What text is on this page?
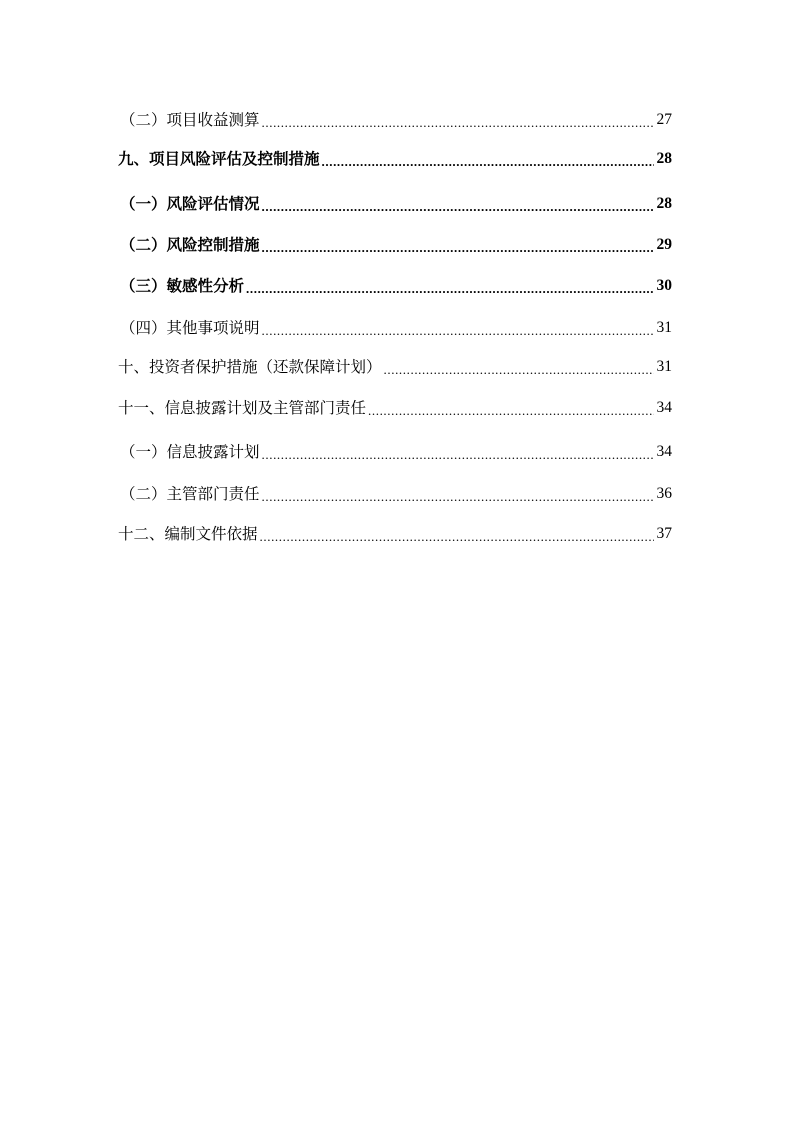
（二）项目收益测算 .....	27
九、项目风险评估及控制措施 .....	28
（一）风险评估情况 .....	28
（二）风险控制措施 .....	29
（三）敏感性分析 .....	30
（四）其他事项说明 .....	31
十、投资者保护措施（还款保障计划） .....	31
十一、信息披露计划及主管部门责任 .....	34
（一）信息披露计划 .....	34
（二）主管部门责任 .....	36
十二、编制文件依据 .....	37
